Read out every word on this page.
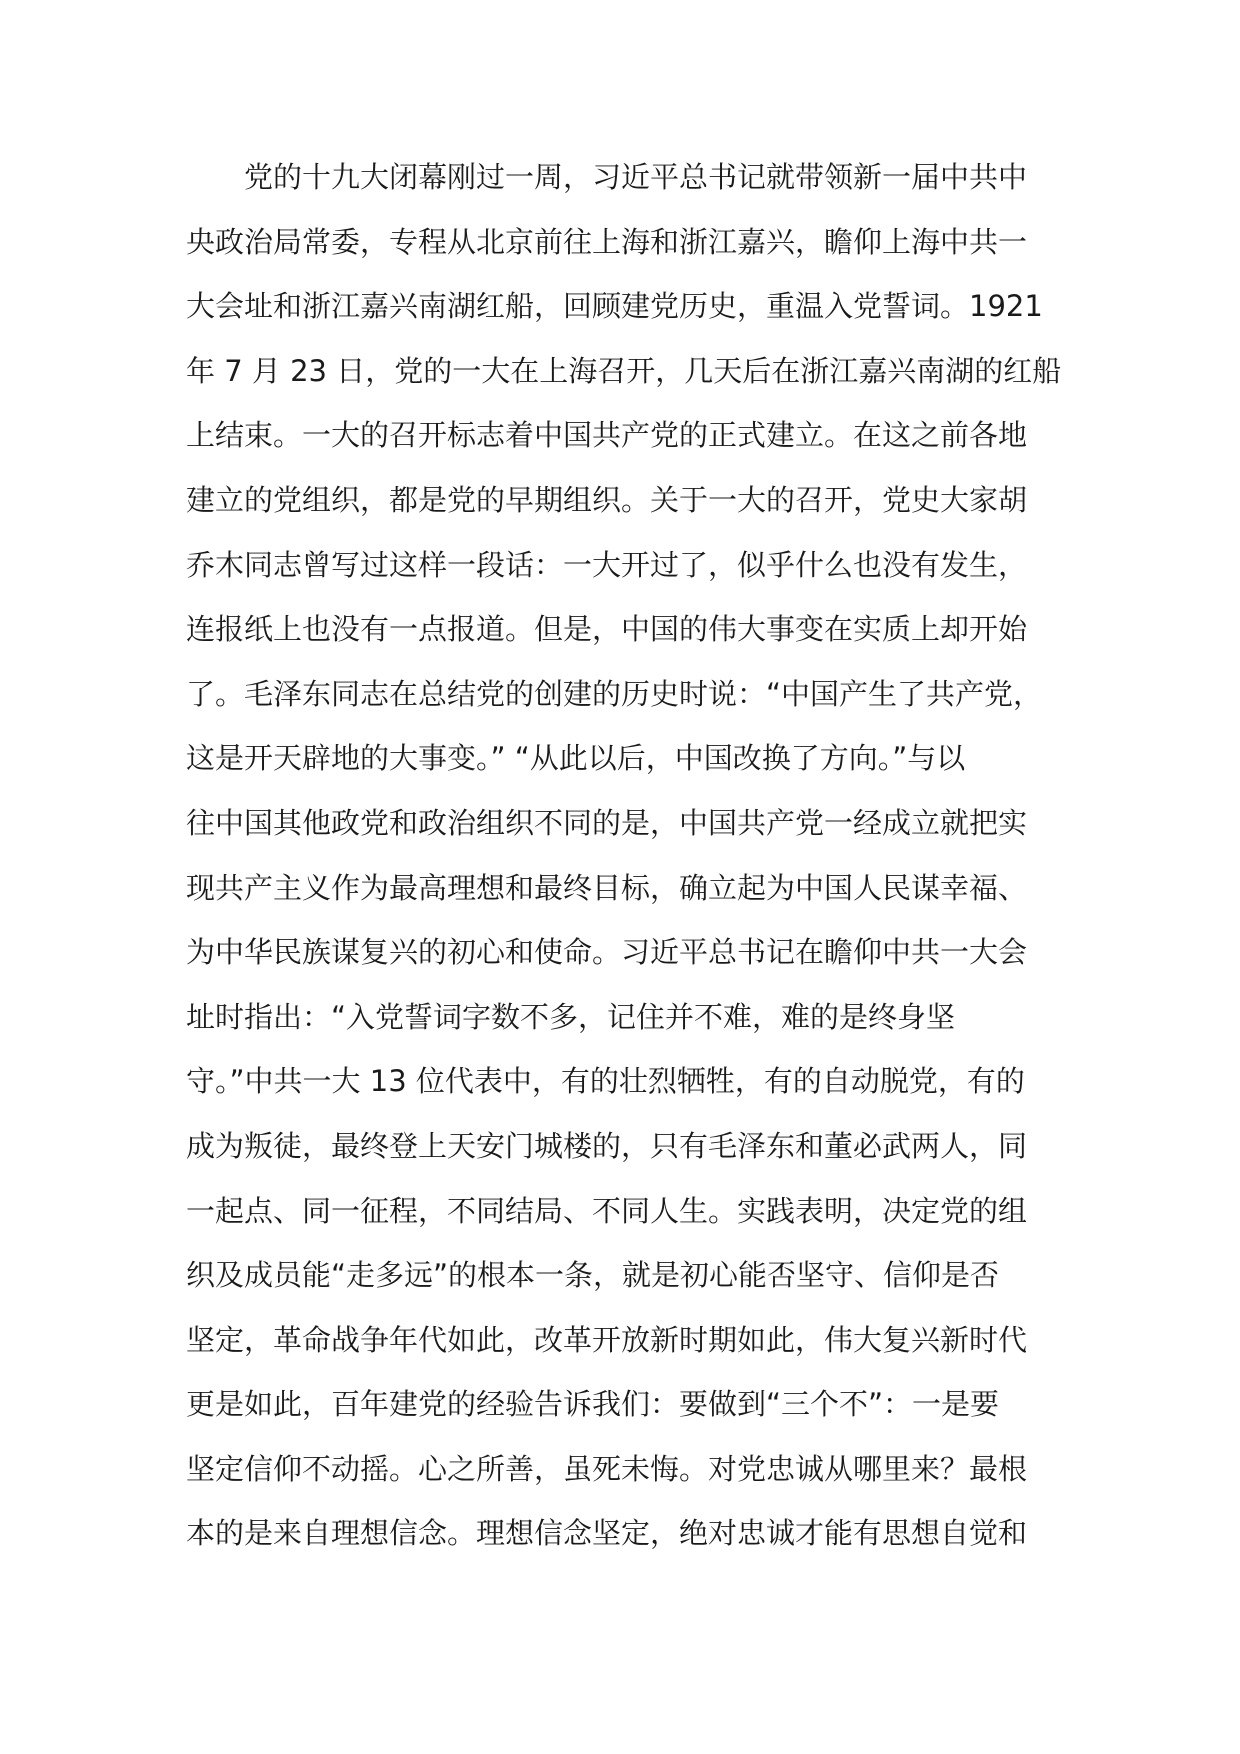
党的十九大闭幕刚过一周，习近平总书记就带领新一届中共中
央政治局常委，专程从北京前往上海和浙江嘉兴，瞻仰上海中共一
大会址和浙江嘉兴南湖红船，回顾建党历史，重温入党誓词。1921
年 7 月 23 日，党的一大在上海召开，几天后在浙江嘉兴南湖的红船
上结束。一大的召开标志着中国共产党的正式建立。在这之前各地
建立的党组织，都是党的早期组织。关于一大的召开，党史大家胡
乔木同志曾写过这样一段话：一大开过了，似乎什么也没有发生，
连报纸上也没有一点报道。但是，中国的伟大事变在实质上却开始
了。毛泽东同志在总结党的创建的历史时说：“中国产生了共产党，
这是开天辟地的大事变。” “从此以后，中国改换了方向。”与以
往中国其他政党和政治组织不同的是，中国共产党一经成立就把实
现共产主义作为最高理想和最终目标，确立起为中国人民谋幸福、
为中华民族谋复兴的初心和使命。习近平总书记在瞻仰中共一大会
址时指出：“入党誓词字数不多，记住并不难，难的是终身坚
守。”中共一大 13 位代表中，有的壮烈牺牲，有的自动脱党，有的
成为叛徒，最终登上天安门城楼的，只有毛泽东和董必武两人，同
一起点、同一征程，不同结局、不同人生。实践表明，决定党的组
织及成员能“走多远”的根本一条，就是初心能否坚守、信仰是否
坚定，革命战争年代如此，改革开放新时期如此，伟大复兴新时代
更是如此，百年建党的经验告诉我们：要做到“三个不”：一是要
坚定信仰不动摇。心之所善，虽死未悔。对党忠诚从哪里来？最根
本的是来自理想信念。理想信念坚定，绝对忠诚才能有思想自觉和
